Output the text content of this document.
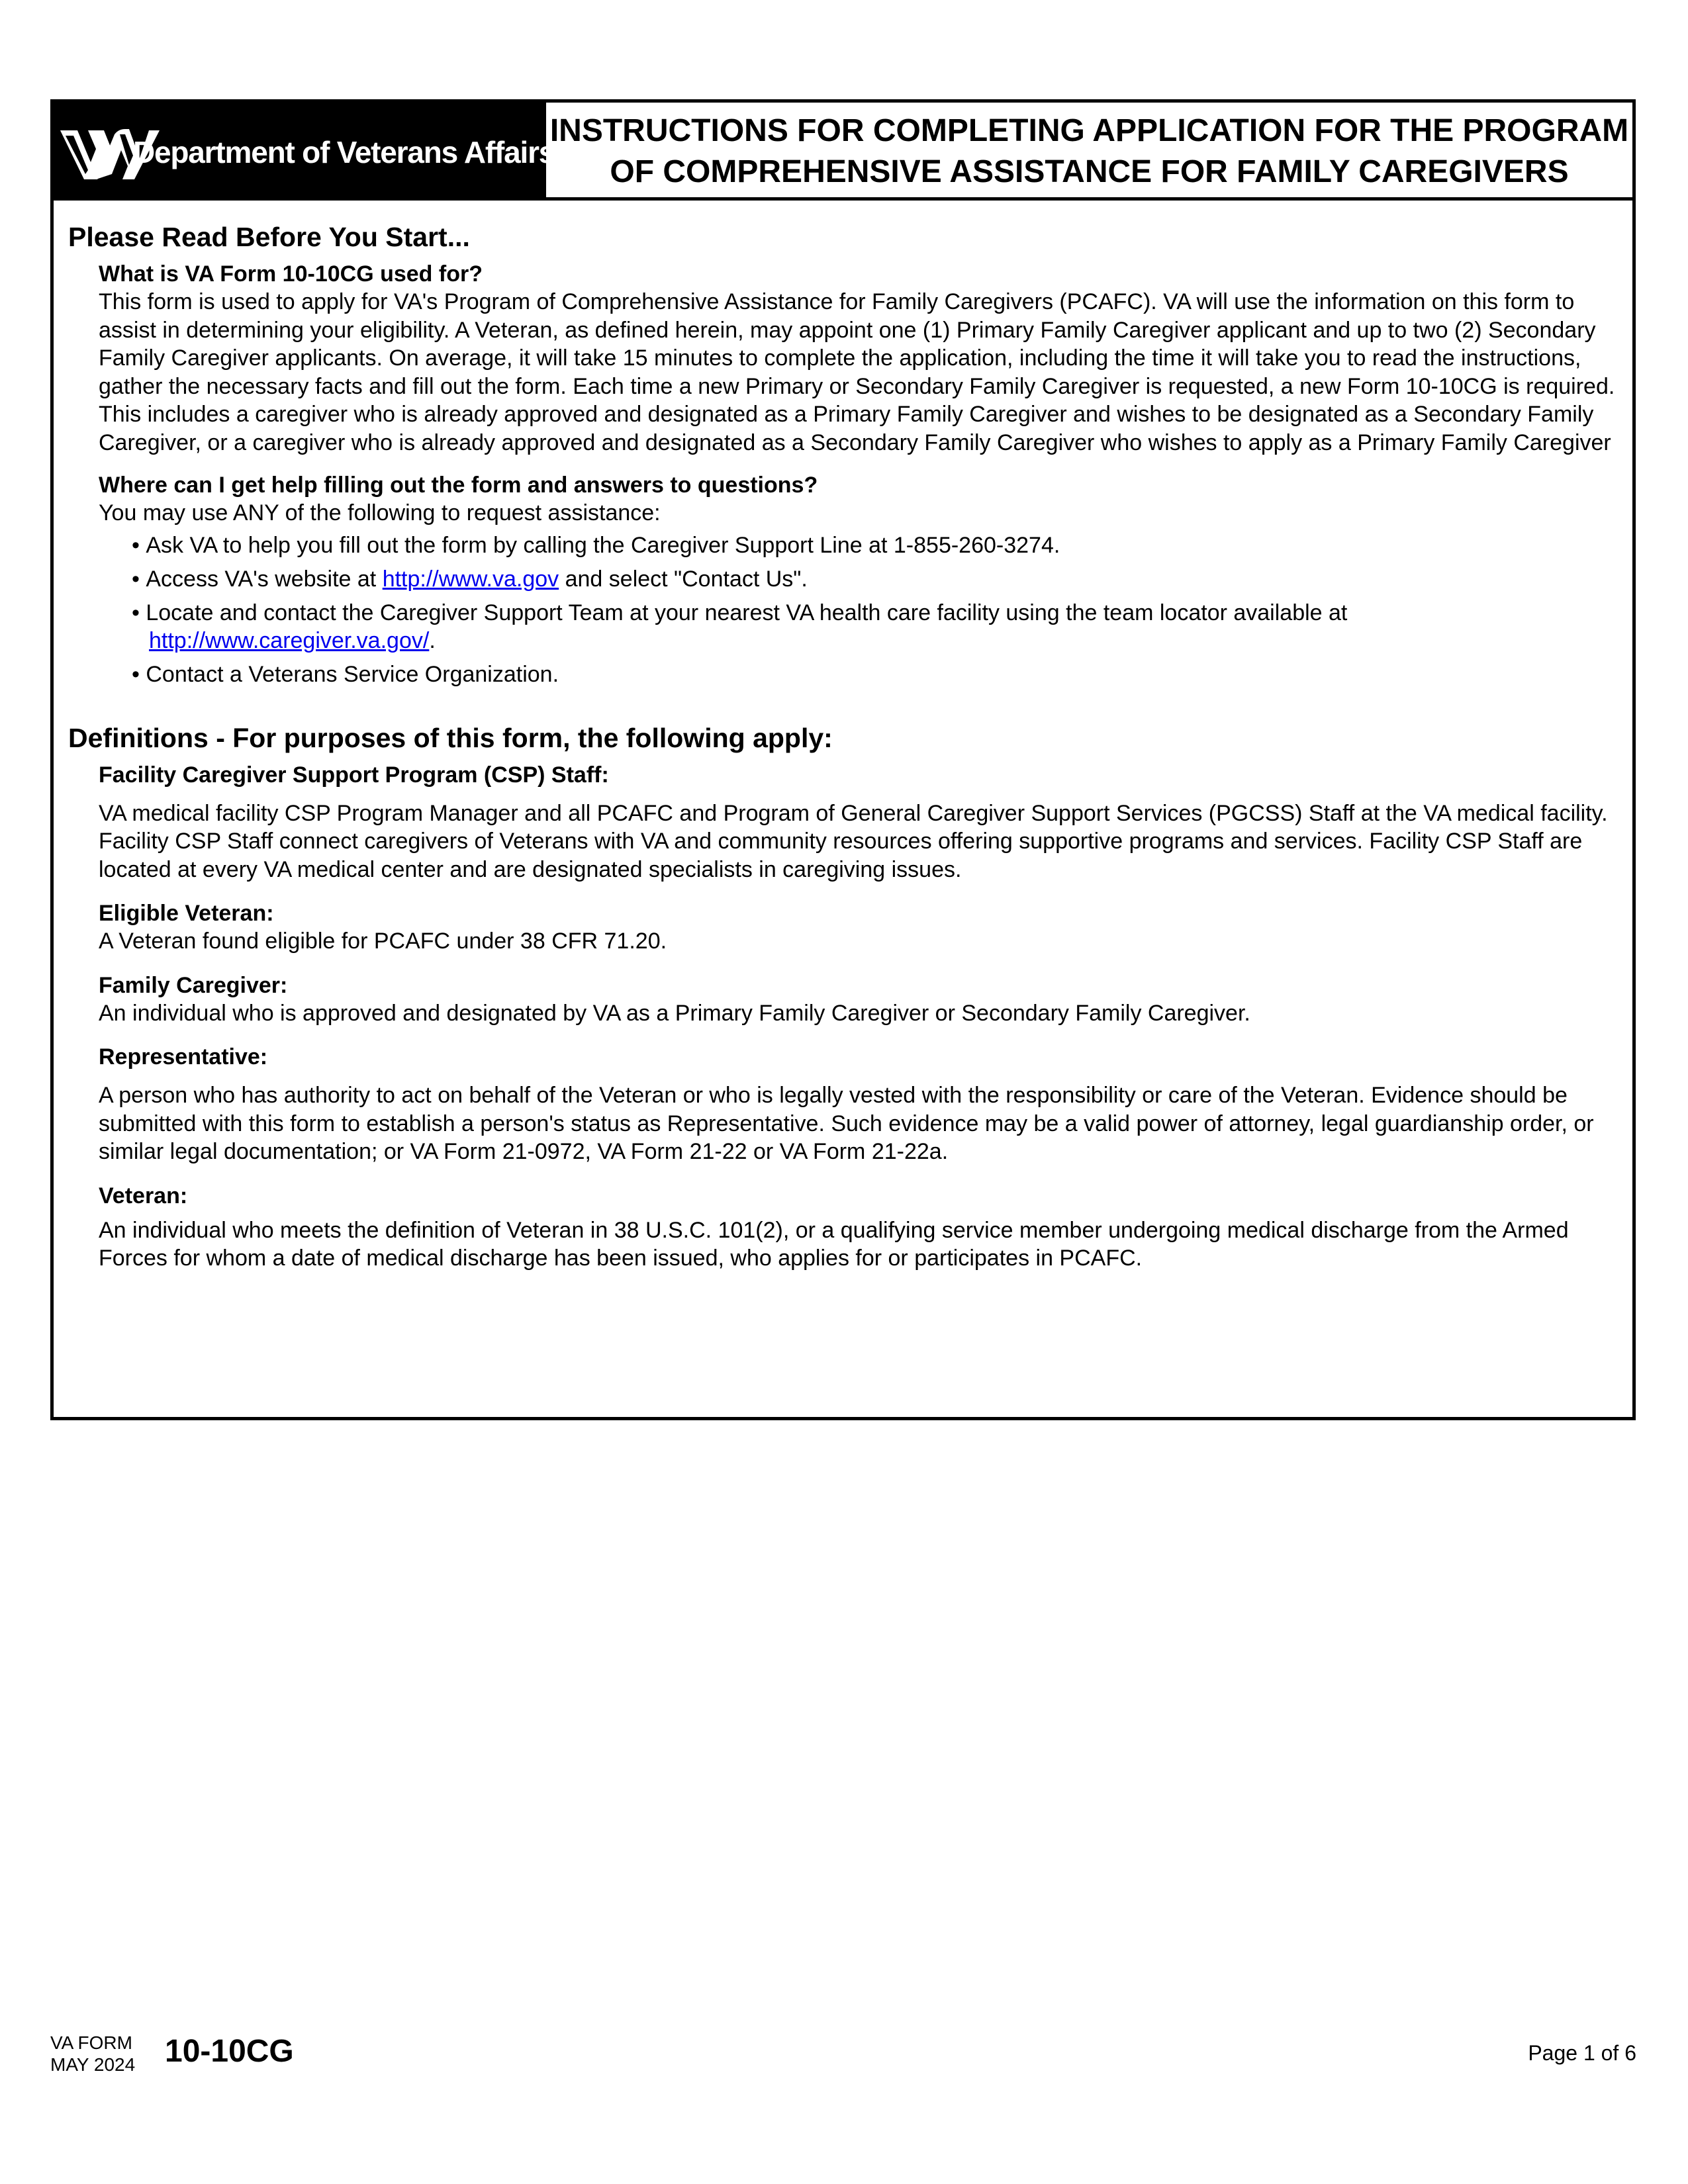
Department of Veterans Affairs
INSTRUCTIONS FOR COMPLETING APPLICATION FOR THE PROGRAM
OF COMPREHENSIVE ASSISTANCE FOR FAMILY CAREGIVERS
Please Read Before You Start...
What is VA Form 10-10CG used for?

This form is used to apply for VA's Program of Comprehensive Assistance for Family Caregivers (PCAFC). VA will use the information on this form to assist in determining your eligibility. A Veteran, as defined herein, may appoint one (1) Primary Family Caregiver applicant and up to two (2) Secondary Family Caregiver applicants. On average, it will take 15 minutes to complete the application, including the time it will take you to read the instructions, gather the necessary facts and fill out the form. Each time a new Primary or Secondary Family Caregiver is requested, a new Form 10-10CG is required. This includes a caregiver who is already approved and designated as a Primary Family Caregiver and wishes to be designated as a Secondary Family Caregiver, or a caregiver who is already approved and designated as a Secondary Family Caregiver who wishes to apply as a Primary Family Caregiver

Where can I get help filling out the form and answers to questions?

You may use ANY of the following to request assistance:

• Ask VA to help you fill out the form by calling the Caregiver Support Line at 1-855-260-3274.
• Access VA's website at http://www.va.gov and select "Contact Us".
• Locate and contact the Caregiver Support Team at your nearest VA health care facility using the team locator available at
http://www.caregiver.va.gov/.
• Contact a Veterans Service Organization.
Definitions - For purposes of this form, the following apply:
Facility Caregiver Support Program (CSP) Staff:

VA medical facility CSP Program Manager and all PCAFC and Program of General Caregiver Support Services (PGCSS) Staff at the VA medical facility. Facility CSP Staff connect caregivers of Veterans with VA and community resources offering supportive programs and services. Facility CSP Staff are located at every VA medical center and are designated specialists in caregiving issues.

Eligible Veteran:

A Veteran found eligible for PCAFC under 38 CFR 71.20.

Family Caregiver:

An individual who is approved and designated by VA as a Primary Family Caregiver or Secondary Family Caregiver.

Representative:

A person who has authority to act on behalf of the Veteran or who is legally vested with the responsibility or care of the Veteran. Evidence should be submitted with this form to establish a person's status as Representative. Such evidence may be a valid power of attorney, legal guardianship order, or similar legal documentation; or VA Form 21-0972, VA Form 21-22 or VA Form 21-22a.

Veteran:

An individual who meets the definition of Veteran in 38 U.S.C. 101(2), or a qualifying service member undergoing medical discharge from the Armed Forces for whom a date of medical discharge has been issued, who applies for or participates in PCAFC.

VA FORM
MAY 2024 10-10CG	Page 1 of 6
